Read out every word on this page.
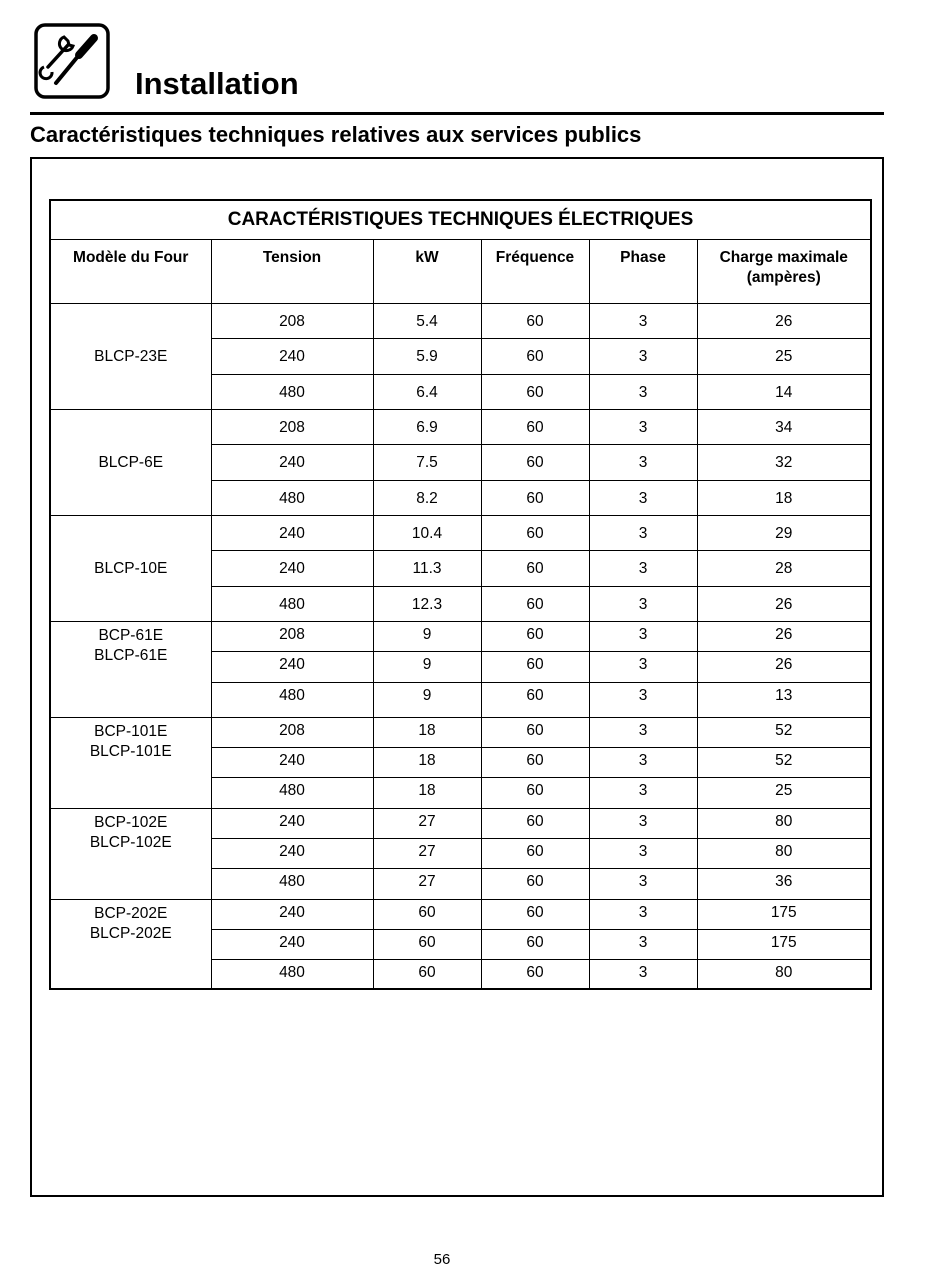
Installation
Caractéristiques techniques relatives aux services publics
CARACTÉRISTIQUES TECHNIQUES ÉLECTRIQUES					
Modèle du Four	Tension	kW	Fréquence	Phase	Charge maximale
(ampères)
BLCP-23E	208	5.4	60	3	26
	240	5.9	60	3	25
	480	6.4	60	3	14
BLCP-6E	208	6.9	60	3	34
	240	7.5	60	3	32
	480	8.2	60	3	18
BLCP-10E	240	10.4	60	3	29
	240	11.3	60	3	28
	480	12.3	60	3	26
BCP-61E
BLCP-61E	208	9	60	3	26
	240	9	60	3	26
	480	9	60	3	13
BCP-101E
BLCP-101E	208	18	60	3	52
	240	18	60	3	52
	480	18	60	3	25
BCP-102E
BLCP-102E	240	27	60	3	80
	240	27	60	3	80
	480	27	60	3	36
BCP-202E
BLCP-202E	240	60	60	3	175
	240	60	60	3	175
	480	60	60	3	80
56
